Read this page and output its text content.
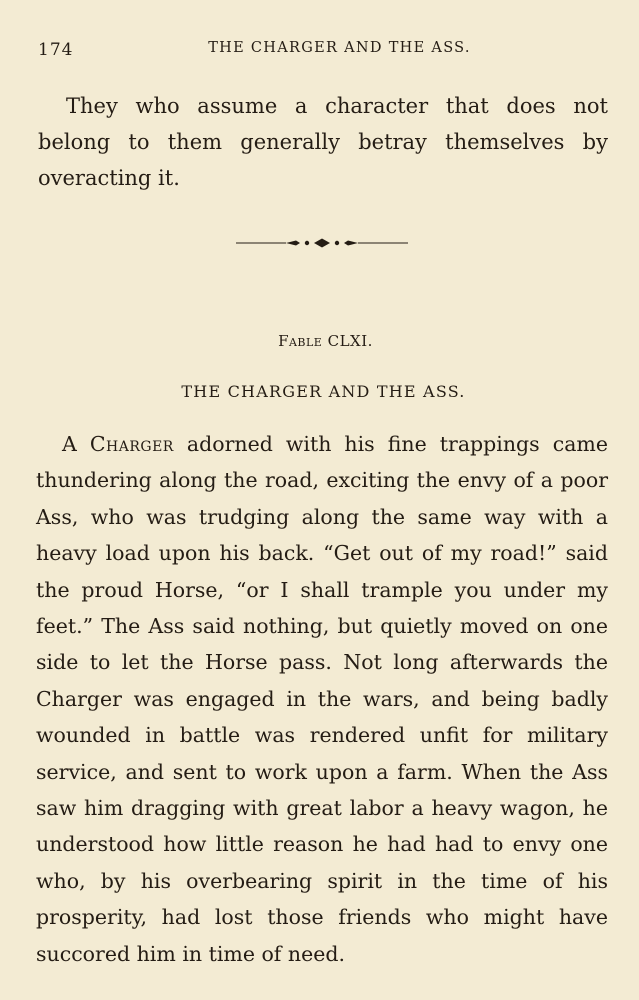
174	THE CHARGER AND THE ASS.

They who assume a character that does not belong to them generally betray themselves by overacting it.

Fable CLXI.
THE CHARGER AND THE ASS.

A Charger adorned with his fine trappings came thundering along the road, exciting the envy of a poor Ass, who was trudging along the same way with a heavy load upon his back. “Get out of my road!” said the proud Horse, “or I shall trample you under my feet.” The Ass said nothing, but quietly moved on one side to let the Horse pass. Not long afterwards the Charger was engaged in the wars, and being badly wounded in battle was rendered unfit for military service, and sent to work upon a farm. When the Ass saw him dragging with great labor a heavy wagon, he understood how little reason he had had to envy one who, by his overbearing spirit in the time of his prosperity, had lost those friends who might have succored him in time of need.
